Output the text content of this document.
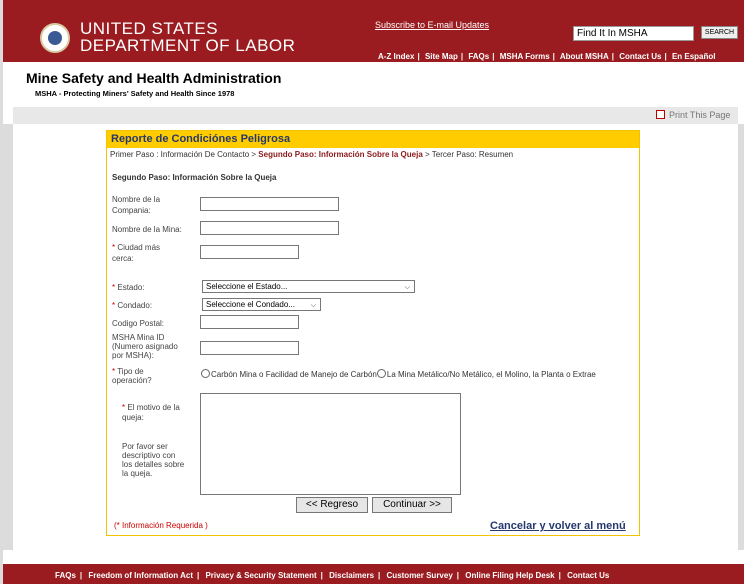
UNITED STATES
DEPARTMENT OF LABOR
Subscribe to E-mail Updates
Find It In MSHA	SEARCH
A-Z Index | Site Map | FAQs | MSHA Forms | About MSHA | Contact Us | En Español
Mine Safety and Health Administration
MSHA - Protecting Miners' Safety and Health Since 1978
Print This Page
Reporte de Condiciónes Peligrosa
Primer Paso : Información De Contacto > Segundo Paso: Información Sobre la Queja > Tercer Paso: Resumen
Segundo Paso: Información Sobre la Queja
Nombre de la
Compania:
Nombre de la Mina:
* Ciudad más
cerca:
* Estado:	Seleccione el Estado...	⌵
* Condado:	Seleccione el Condado... ⌵
Codigo Postal:
MSHA Mina ID
(Numero asignado
por MSHA):
* Tipo de
operación?
Carbón Mina o Facilidad de Manejo de Carbón La Mina Metálico/No Metálico, el Molino, la Planta o Extrae
* El motivo de la
queja:
Por favor ser
descriptivo con
los detalles sobre
la queja.
<< Regreso	Continuar >>
(* Información Requerida )	Cancelar y volver al menú
FAQs | Freedom of Information Act | Privacy & Security Statement | Disclaimers | Customer Survey | Online Filing Help Desk | Contact Us
